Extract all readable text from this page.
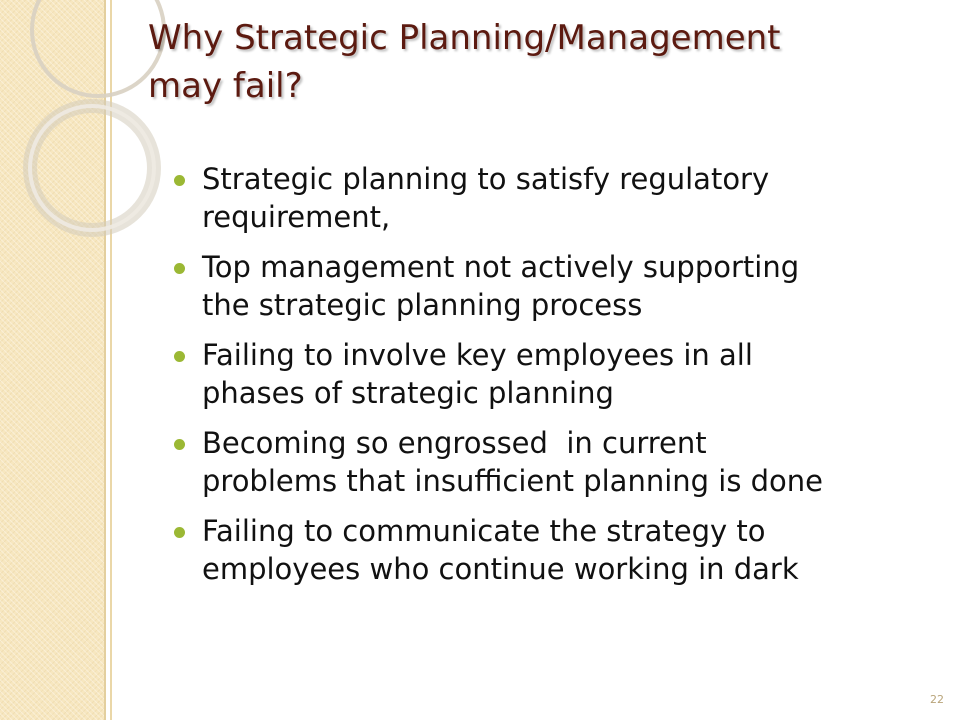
Why Strategic Planning/Management
may fail?
Strategic planning to satisfy regulatory
requirement,
Top management not actively supporting
the strategic planning process
Failing to involve key employees in all
phases of strategic planning
Becoming so engrossed  in current
problems that insufficient planning is done
Failing to communicate the strategy to
employees who continue working in dark
22
